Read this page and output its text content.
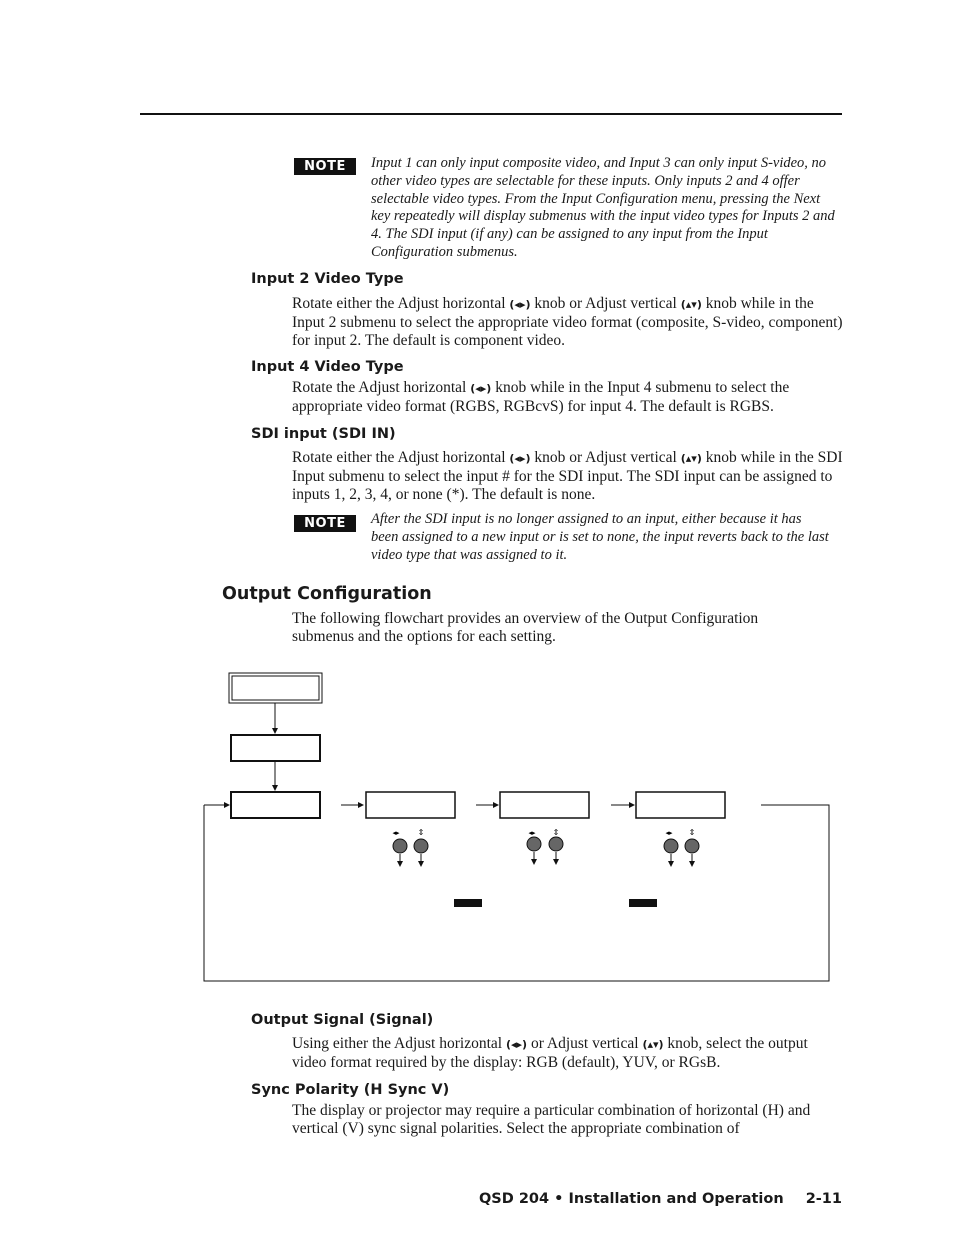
NOTE	Input 1 can only input composite video, and Input 3 can only input S-video, no other video types are selectable for these inputs. Only inputs 2 and 4 offer selectable video types. From the Input Configuration menu, pressing the Next key repeatedly will display submenus with the input video types for Inputs 2 and 4. The SDI input (if any) can be assigned to any input from the Input Configuration submenus.
Input 2 Video Type
Rotate either the Adjust horizontal (◂▸) knob or Adjust vertical (▴▾) knob while in the Input 2 submenu to select the appropriate video format (composite, S-video, component) for input 2. The default is component video.
Input 4 Video Type
Rotate the Adjust horizontal (◂▸) knob while in the Input 4 submenu to select the appropriate video format (RGBS, RGBcvS) for input 4. The default is RGBS.
SDI input (SDI IN)
Rotate either the Adjust horizontal (◂▸) knob or Adjust vertical (▴▾) knob while in the SDI Input submenu to select the input # for the SDI input. The SDI input can be assigned to inputs 1, 2, 3, 4, or none (*). The default is none.
NOTE	After the SDI input is no longer assigned to an input, either because it has been assigned to a new input or is set to none, the input reverts back to the last video type that was assigned to it.
Output Configuration
The following flowchart provides an overview of the Output Configuration submenus and the options for each setting.
◂▸ ⇕	◂▸ ⇕	◂▸ ⇕
Output Signal (Signal)
Using either the Adjust horizontal (◂▸) or Adjust vertical (▴▾) knob, select the output video format required by the display: RGB (default), YUV, or RGsB.
Sync Polarity (H Sync V)
The display or projector may require a particular combination of horizontal (H) and vertical (V) sync signal polarities. Select the appropriate combination of
QSD 204 • Installation and Operation 2-11
